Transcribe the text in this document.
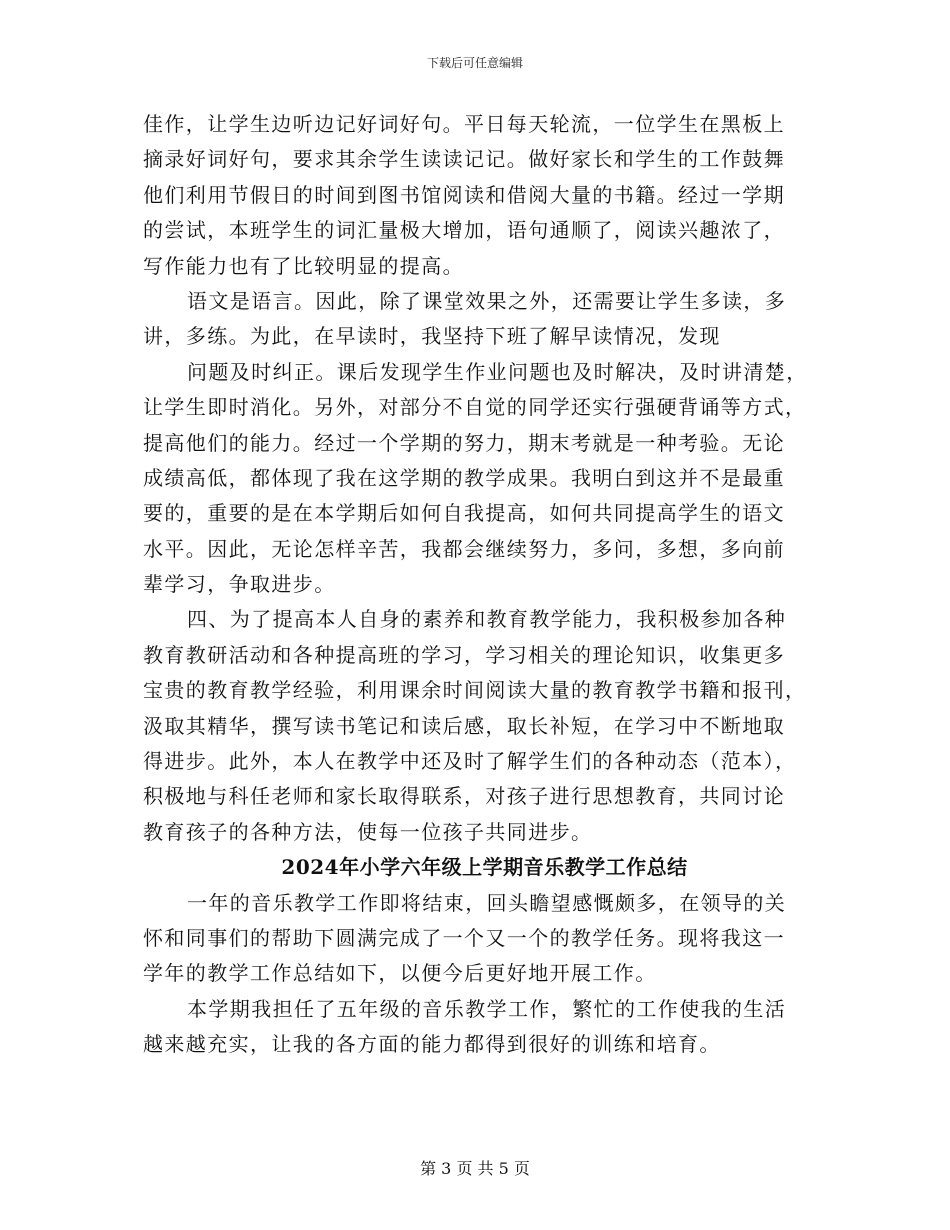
下载后可任意编辑
佳作，让学生边听边记好词好句。平日每天轮流，一位学生在黑板上
摘录好词好句，要求其余学生读读记记。做好家长和学生的工作鼓舞
他们利用节假日的时间到图书馆阅读和借阅大量的书籍。经过一学期
的尝试，本班学生的词汇量极大增加，语句通顺了，阅读兴趣浓了，
写作能力也有了比较明显的提高。
语文是语言。因此，除了课堂效果之外，还需要让学生多读，多
讲，多练。为此，在早读时，我坚持下班了解早读情况，发现
问题及时纠正。课后发现学生作业问题也及时解决，及时讲清楚，
让学生即时消化。另外，对部分不自觉的同学还实行强硬背诵等方式，
提高他们的能力。经过一个学期的努力，期末考就是一种考验。无论
成绩高低，都体现了我在这学期的教学成果。我明白到这并不是最重
要的，重要的是在本学期后如何自我提高，如何共同提高学生的语文
水平。因此，无论怎样辛苦，我都会继续努力，多问，多想，多向前
辈学习，争取进步。
四、为了提高本人自身的素养和教育教学能力，我积极参加各种
教育教研活动和各种提高班的学习，学习相关的理论知识，收集更多
宝贵的教育教学经验，利用课余时间阅读大量的教育教学书籍和报刊，
汲取其精华，撰写读书笔记和读后感，取长补短，在学习中不断地取
得进步。此外，本人在教学中还及时了解学生们的各种动态（范本），
积极地与科任老师和家长取得联系，对孩子进行思想教育，共同讨论
教育孩子的各种方法，使每一位孩子共同进步。
2024年小学六年级上学期音乐教学工作总结
一年的音乐教学工作即将结束，回头瞻望感慨颇多，在领导的关
怀和同事们的帮助下圆满完成了一个又一个的教学任务。现将我这一
学年的教学工作总结如下，以便今后更好地开展工作。
本学期我担任了五年级的音乐教学工作，繁忙的工作使我的生活
越来越充实，让我的各方面的能力都得到很好的训练和培育。
第 3 页 共 5 页
